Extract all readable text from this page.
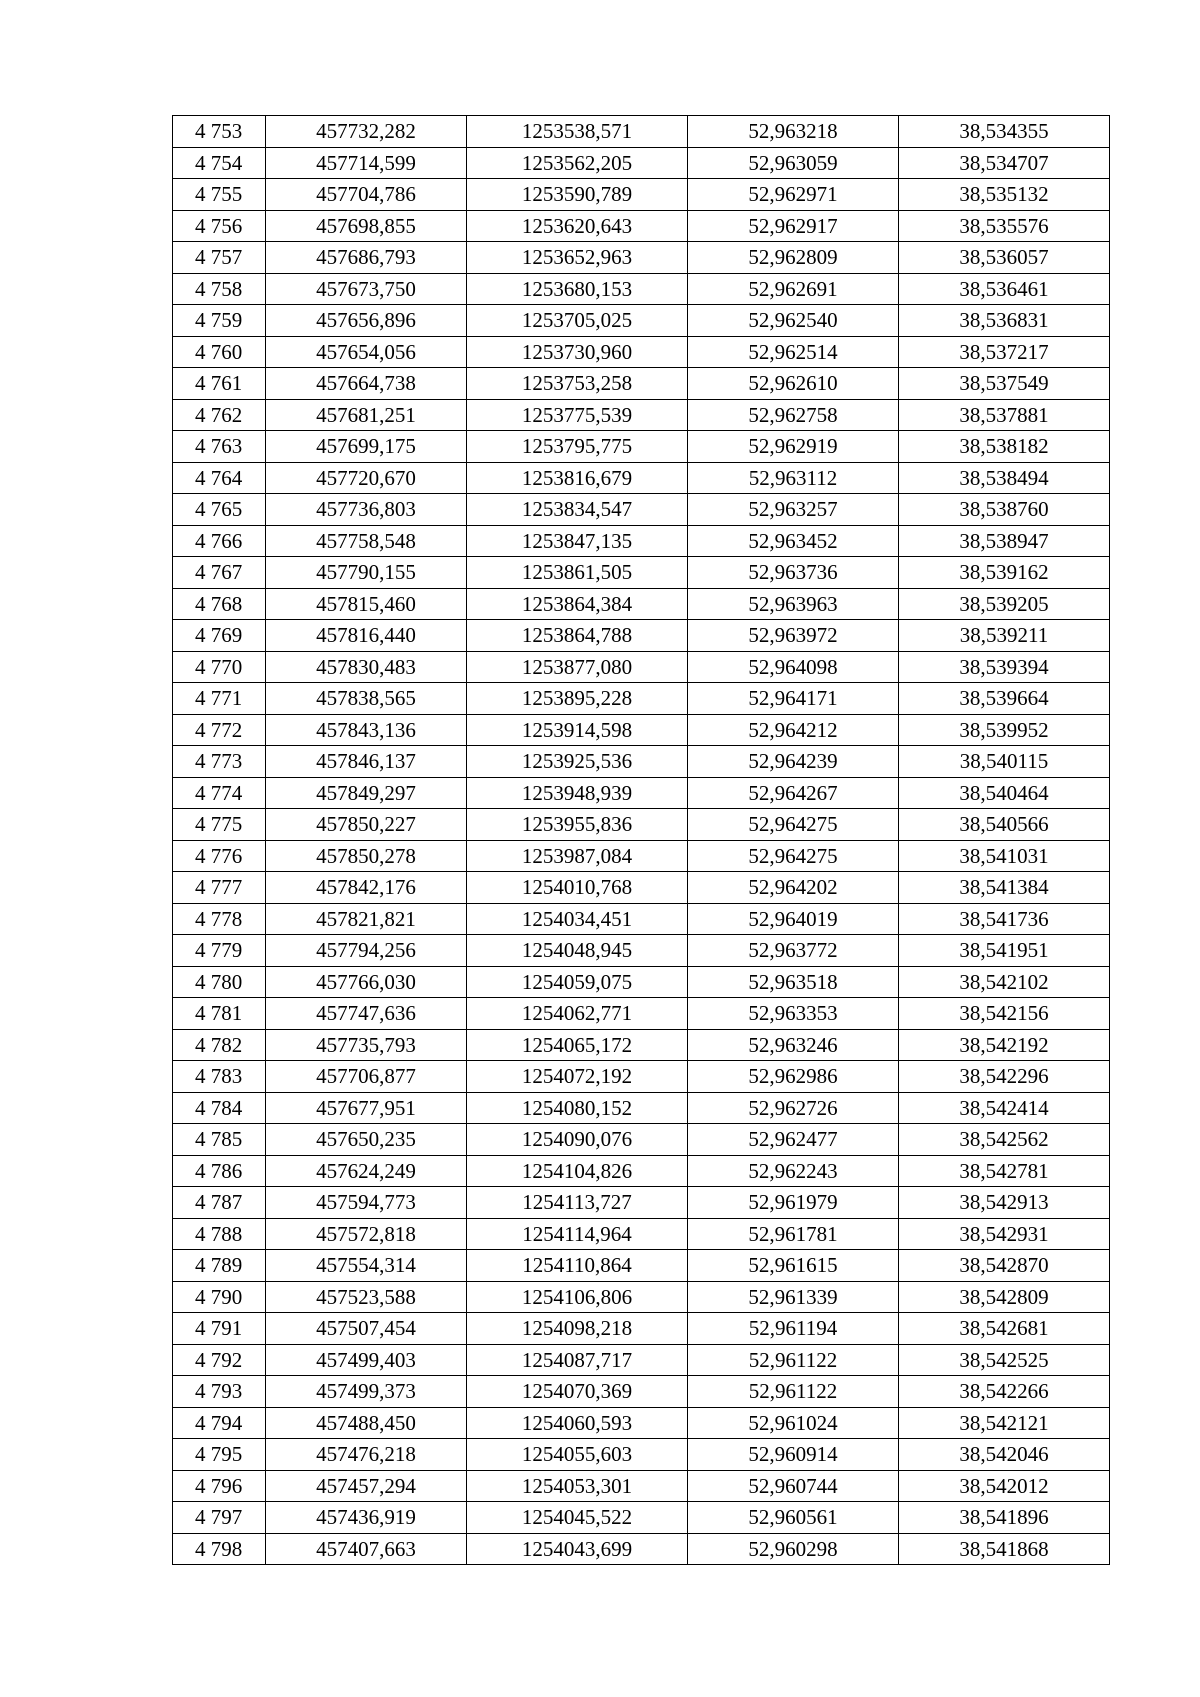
4 753	457732,282	1253538,571	52,963218	38,534355
4 754	457714,599	1253562,205	52,963059	38,534707
4 755	457704,786	1253590,789	52,962971	38,535132
4 756	457698,855	1253620,643	52,962917	38,535576
4 757	457686,793	1253652,963	52,962809	38,536057
4 758	457673,750	1253680,153	52,962691	38,536461
4 759	457656,896	1253705,025	52,962540	38,536831
4 760	457654,056	1253730,960	52,962514	38,537217
4 761	457664,738	1253753,258	52,962610	38,537549
4 762	457681,251	1253775,539	52,962758	38,537881
4 763	457699,175	1253795,775	52,962919	38,538182
4 764	457720,670	1253816,679	52,963112	38,538494
4 765	457736,803	1253834,547	52,963257	38,538760
4 766	457758,548	1253847,135	52,963452	38,538947
4 767	457790,155	1253861,505	52,963736	38,539162
4 768	457815,460	1253864,384	52,963963	38,539205
4 769	457816,440	1253864,788	52,963972	38,539211
4 770	457830,483	1253877,080	52,964098	38,539394
4 771	457838,565	1253895,228	52,964171	38,539664
4 772	457843,136	1253914,598	52,964212	38,539952
4 773	457846,137	1253925,536	52,964239	38,540115
4 774	457849,297	1253948,939	52,964267	38,540464
4 775	457850,227	1253955,836	52,964275	38,540566
4 776	457850,278	1253987,084	52,964275	38,541031
4 777	457842,176	1254010,768	52,964202	38,541384
4 778	457821,821	1254034,451	52,964019	38,541736
4 779	457794,256	1254048,945	52,963772	38,541951
4 780	457766,030	1254059,075	52,963518	38,542102
4 781	457747,636	1254062,771	52,963353	38,542156
4 782	457735,793	1254065,172	52,963246	38,542192
4 783	457706,877	1254072,192	52,962986	38,542296
4 784	457677,951	1254080,152	52,962726	38,542414
4 785	457650,235	1254090,076	52,962477	38,542562
4 786	457624,249	1254104,826	52,962243	38,542781
4 787	457594,773	1254113,727	52,961979	38,542913
4 788	457572,818	1254114,964	52,961781	38,542931
4 789	457554,314	1254110,864	52,961615	38,542870
4 790	457523,588	1254106,806	52,961339	38,542809
4 791	457507,454	1254098,218	52,961194	38,542681
4 792	457499,403	1254087,717	52,961122	38,542525
4 793	457499,373	1254070,369	52,961122	38,542266
4 794	457488,450	1254060,593	52,961024	38,542121
4 795	457476,218	1254055,603	52,960914	38,542046
4 796	457457,294	1254053,301	52,960744	38,542012
4 797	457436,919	1254045,522	52,960561	38,541896
4 798	457407,663	1254043,699	52,960298	38,541868
